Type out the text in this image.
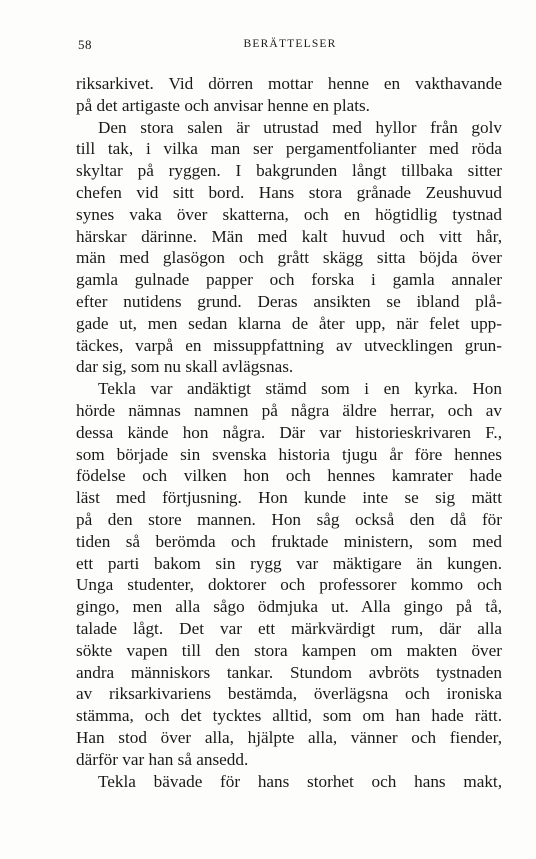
58	BERÄTTELSER
riksarkivet. Vid dörren mottar henne en vakthavande
på det artigaste och anvisar henne en plats.
Den stora salen är utrustad med hyllor från golv
till tak, i vilka man ser pergamentfolianter med röda
skyltar på ryggen. I bakgrunden långt tillbaka sitter
chefen vid sitt bord. Hans stora grånade Zeushuvud
synes vaka över skatterna, och en högtidlig tystnad
härskar därinne. Män med kalt huvud och vitt hår,
män med glasögon och grått skägg sitta böjda över
gamla gulnade papper och forska i gamla annaler
efter nutidens grund. Deras ansikten se ibland plå-
gade ut, men sedan klarna de åter upp, när felet upp-
täckes, varpå en missuppfattning av utvecklingen grun-
dar sig, som nu skall avlägsnas.
Tekla var andäktigt stämd som i en kyrka. Hon
hörde nämnas namnen på några äldre herrar, och av
dessa kände hon några. Där var historieskrivaren F.,
som började sin svenska historia tjugu år före hennes
födelse och vilken hon och hennes kamrater hade
läst med förtjusning. Hon kunde inte se sig mätt
på den store mannen. Hon såg också den då för
tiden så berömda och fruktade ministern, som med
ett parti bakom sin rygg var mäktigare än kungen.
Unga studenter, doktorer och professorer kommo och
gingo, men alla sågo ödmjuka ut. Alla gingo på tå,
talade lågt. Det var ett märkvärdigt rum, där alla
sökte vapen till den stora kampen om makten över
andra människors tankar. Stundom avbröts tystnaden
av riksarkivariens bestämda, överlägsna och ironiska
stämma, och det tycktes alltid, som om han hade rätt.
Han stod över alla, hjälpte alla, vänner och fiender,
därför var han så ansedd.
Tekla bävade för hans storhet och hans makt,
